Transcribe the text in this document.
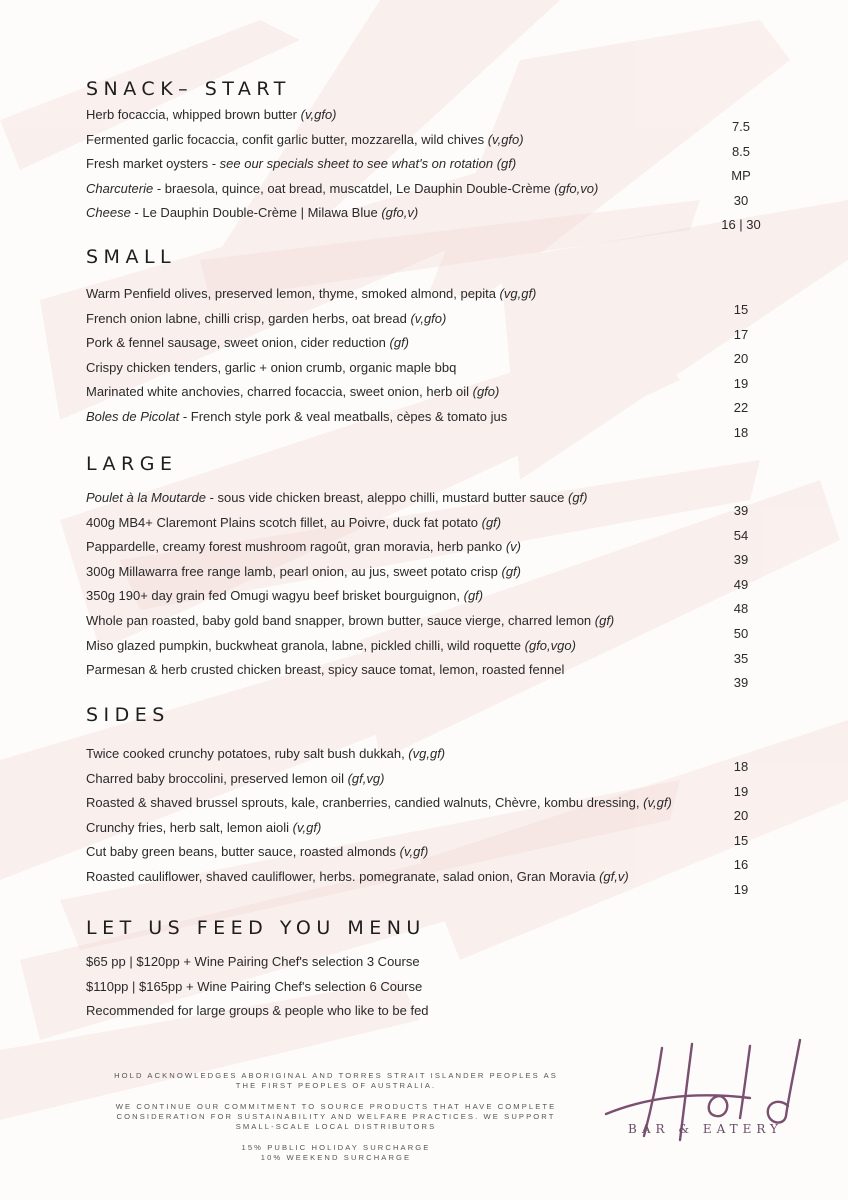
SNACK– START
Herb focaccia, whipped brown butter (v,gfo)
Fermented garlic focaccia, confit garlic butter, mozzarella, wild chives (v,gfo)
Fresh market oysters - see our specials sheet to see what's on rotation (gf)
Charcuterie - braesola, quince, oat bread, muscatdel, Le Dauphin Double-Crème (gfo,vo)
Cheese - Le Dauphin Double-Crème | Milawa Blue (gfo,v)
7.5
8.5
MP
30
16 | 30
SMALL
Warm Penfield olives, preserved lemon, thyme, smoked almond, pepita (vg,gf)
French onion labne, chilli crisp, garden herbs, oat bread (v,gfo)
Pork & fennel sausage, sweet onion, cider reduction (gf)
Crispy chicken tenders, garlic + onion crumb, organic maple bbq
Marinated white anchovies, charred focaccia, sweet onion, herb oil (gfo)
Boles de Picolat - French style pork & veal meatballs, cèpes & tomato jus
15
17
20
19
22
18
LARGE
Poulet à la Moutarde - sous vide chicken breast, aleppo chilli, mustard butter sauce (gf)
400g MB4+ Claremont Plains scotch fillet, au Poivre, duck fat potato (gf)
Pappardelle, creamy forest mushroom ragoût, gran moravia, herb panko (v)
300g Millawarra free range lamb, pearl onion, au jus, sweet potato crisp (gf)
350g 190+ day grain fed Omugi wagyu beef brisket bourguignon, (gf)
Whole pan roasted, baby gold band snapper, brown butter, sauce vierge, charred lemon (gf)
Miso glazed pumpkin, buckwheat granola, labne, pickled chilli, wild roquette (gfo,vgo)
Parmesan & herb crusted chicken breast, spicy sauce tomat, lemon, roasted fennel
39
54
39
49
48
50
35
39
SIDES
Twice cooked crunchy potatoes, ruby salt bush dukkah, (vg,gf)
Charred baby broccolini, preserved lemon oil (gf,vg)
Roasted & shaved brussel sprouts, kale, cranberries, candied walnuts, Chèvre, kombu dressing, (v,gf)
Crunchy fries, herb salt, lemon aioli (v,gf)
Cut baby green beans, butter sauce, roasted almonds (v,gf)
Roasted cauliflower, shaved cauliflower, herbs. pomegranate, salad onion, Gran Moravia (gf,v)
18
19
20
15
16
19
LET US FEED YOU MENU
$65 pp | $120pp + Wine Pairing Chef's selection 3 Course
$110pp | $165pp + Wine Pairing Chef's selection 6 Course
Recommended for large groups & people who like to be fed

HOLD ACKNOWLEDGES ABORIGINAL AND TORRES STRAIT ISLANDER PEOPLES AS
THE FIRST PEOPLES OF AUSTRALIA.

WE CONTINUE OUR COMMITMENT TO SOURCE PRODUCTS THAT HAVE COMPLETE
CONSIDERATION FOR SUSTAINABILITY AND WELFARE PRACTICES. WE SUPPORT
SMALL-SCALE LOCAL DISTRIBUTORS

15% PUBLIC HOLIDAY SURCHARGE
10% WEEKEND SURCHARGE

BAR & EATERY
